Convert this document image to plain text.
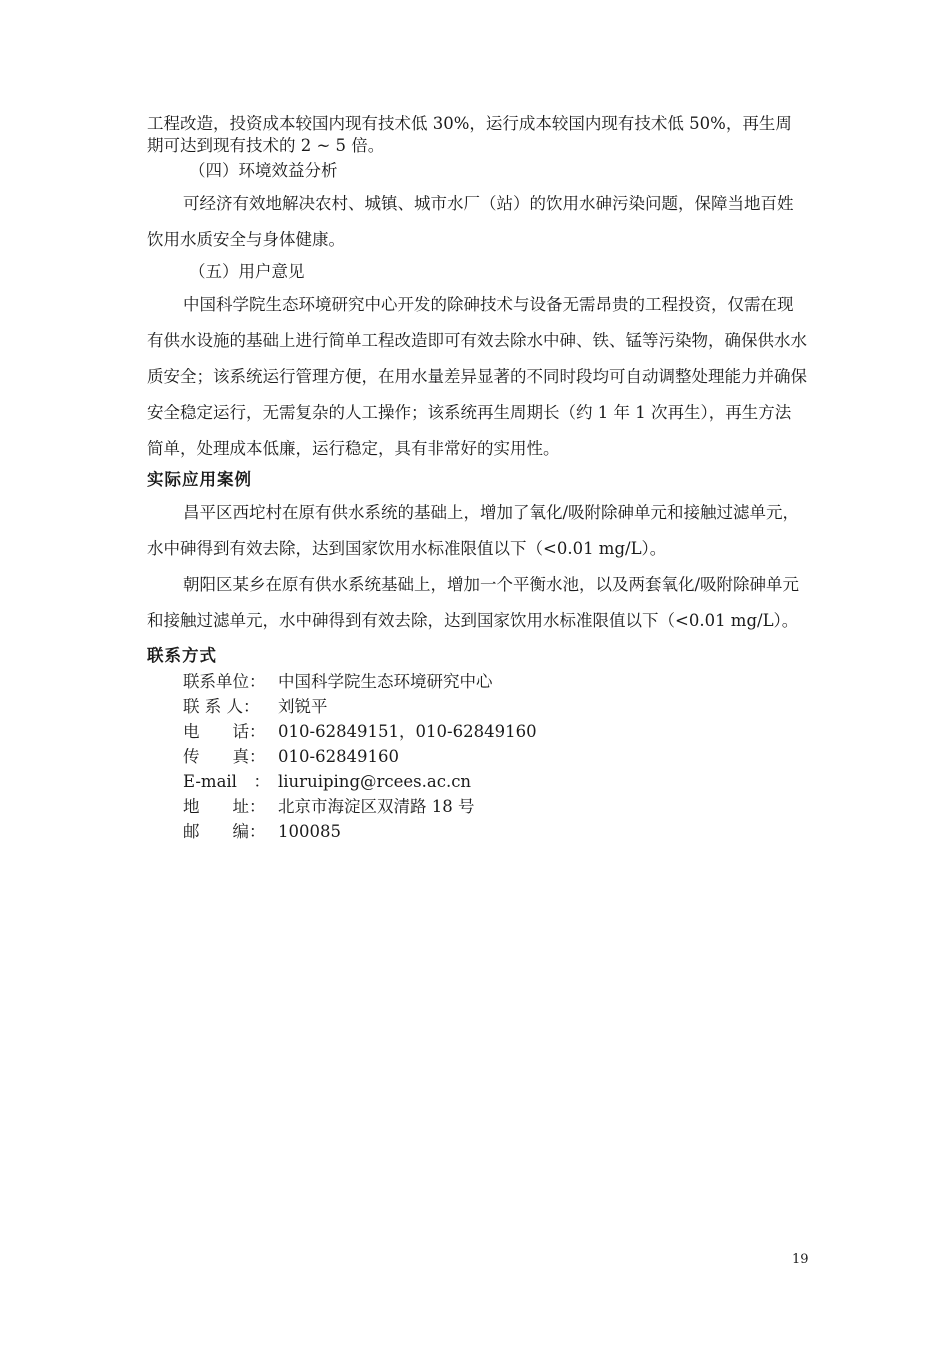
工程改造，投资成本较国内现有技术低 30%，运行成本较国内现有技术低 50%，再生周期可达到现有技术的 2 ~ 5 倍。

（四）环境效益分析

可经济有效地解决农村、城镇、城市水厂（站）的饮用水砷污染问题，保障当地百姓饮用水质安全与身体健康。

（五）用户意见

中国科学院生态环境研究中心开发的除砷技术与设备无需昂贵的工程投资，仅需在现有供水设施的基础上进行简单工程改造即可有效去除水中砷、铁、锰等污染物，确保供水水质安全；该系统运行管理方便，在用水量差异显著的不同时段均可自动调整处理能力并确保安全稳定运行，无需复杂的人工操作；该系统再生周期长（约 1 年 1 次再生），再生方法简单，处理成本低廉，运行稳定，具有非常好的实用性。

实际应用案例

昌平区西坨村在原有供水系统的基础上，增加了氧化/吸附除砷单元和接触过滤单元，水中砷得到有效去除，达到国家饮用水标准限值以下（<0.01 mg/L）。

朝阳区某乡在原有供水系统基础上，增加一个平衡水池，以及两套氧化/吸附除砷单元和接触过滤单元，水中砷得到有效去除，达到国家饮用水标准限值以下（<0.01 mg/L）。

联系方式

联系单位： 中国科学院生态环境研究中心
联 系 人：	刘锐平
电　　话： 010-62849151，010-62849160
传　　真： 010-62849160
E-mail　： liuruiping@rcees.ac.cn
地　　址： 北京市海淀区双清路 18 号
邮　　编： 100085
19
